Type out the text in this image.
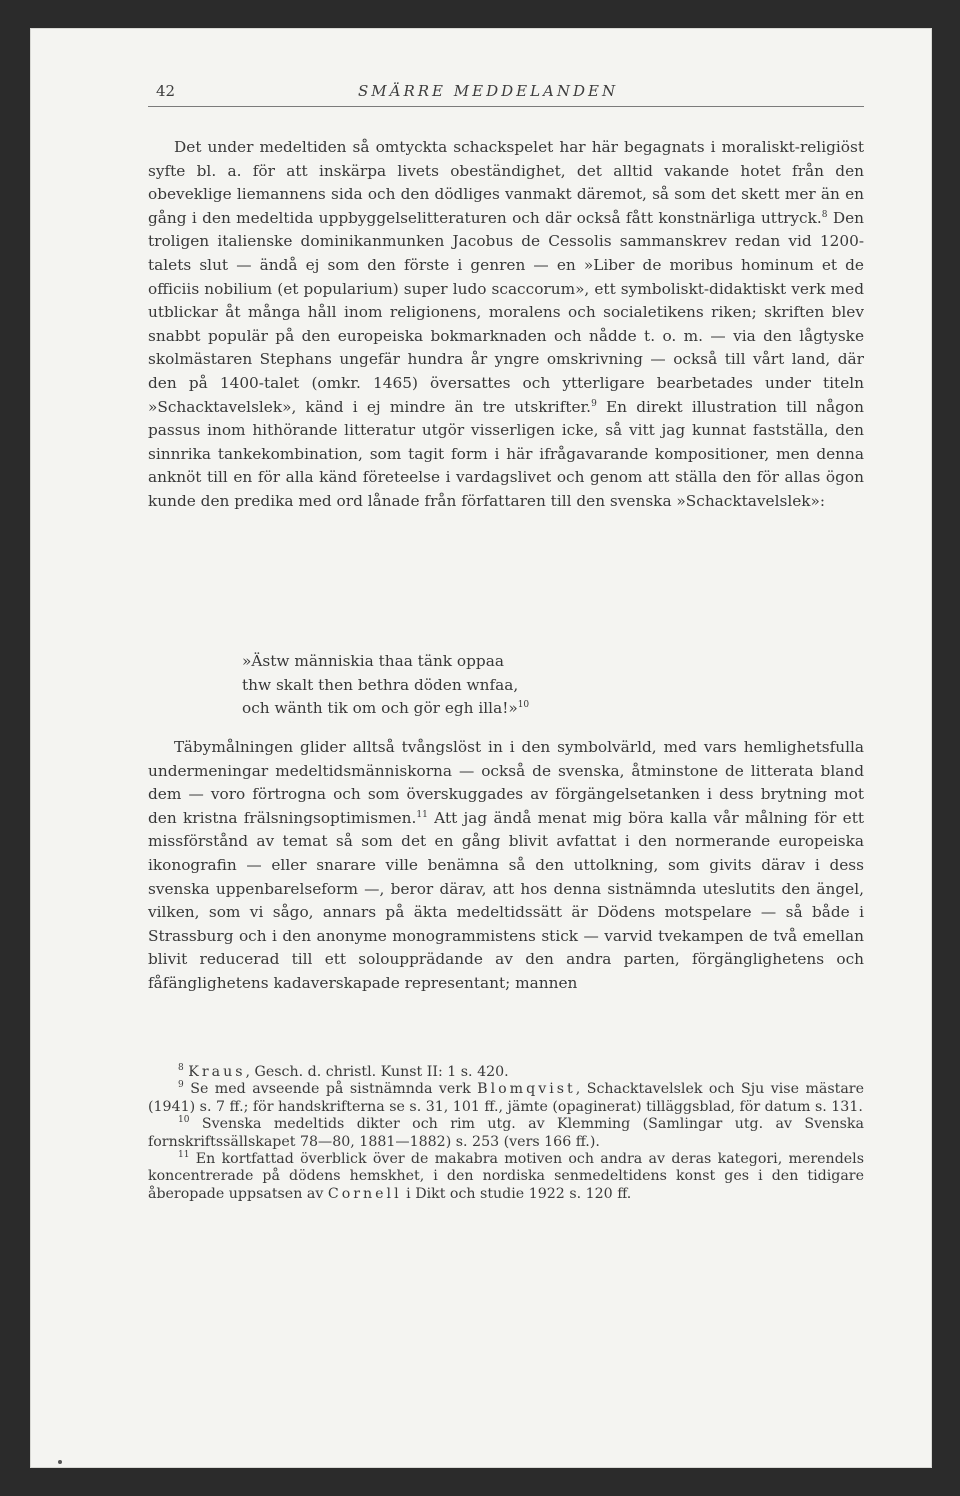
42	SMÄRRE MEDDELANDEN

Det under medeltiden så omtyckta schackspelet har här begagnats i moraliskt-religiöst syfte bl. a. för att inskärpa livets obeständighet, det alltid vakande hotet från den obeveklige liemannens sida och den dödliges vanmakt däremot, så som det skett mer än en gång i den medeltida uppbyggelselitteraturen och där också fått konstnärliga uttryck.$^8$ Den troligen italienske dominikanmunken Jacobus de Cessolis sammanskrev redan vid 1200-talets slut — ändå ej som den förste i genren — en »Liber de moribus hominum et de officiis nobilium (et popularium) super ludo scaccorum», ett symboliskt-didaktiskt verk med utblickar åt många håll inom religionens, moralens och socialetikens riken; skriften blev snabbt populär på den europeiska bokmarknaden och nådde t. o. m. — via den lågtyske skolmästaren Stephans ungefär hundra år yngre omskrivning — också till vårt land, där den på 1400-talet (omkr. 1465) översattes och ytterligare bearbetades under titeln »Schacktavelslek», känd i ej mindre än tre utskrifter.$^9$ En direkt illustration till någon passus inom hithörande litteratur utgör visserligen icke, så vitt jag kunnat fastställa, den sinnrika tankekombination, som tagit form i här ifrågavarande kompositioner, men denna anknöt till en för alla känd företeelse i vardagslivet och genom att ställa den för allas ögon kunde den predika med ord lånade från författaren till den svenska »Schacktavelslek»:

»Ästw människia thaa tänk oppaa
thw skalt then bethra döden wnfaa,
och wänth tik om och gör egh illa!»$^{10}$

Täbymålningen glider alltså tvångslöst in i den symbolvärld, med vars hemlighetsfulla undermeningar medeltidsmänniskorna — också de svenska, åtminstone de litterata bland dem — voro förtrogna och som överskuggades av förgängelsetanken i dess brytning mot den kristna frälsningsoptimismen.$^{11}$ Att jag ändå menat mig böra kalla vår målning för ett missförstånd av temat så som det en gång blivit avfattat i den normerande europeiska ikonografin — eller snarare ville benämna så den uttolkning, som givits därav i dess svenska uppenbarelseform —, beror därav, att hos denna sistnämnda uteslutits den ängel, vilken, som vi sågo, annars på äkta medeltidssätt är Dödens motspelare — så både i Strassburg och i den anonyme monogrammistens stick — varvid tvekampen de två emellan blivit reducerad till ett soloupprädande av den andra parten, förgänglighetens och fåfänglighetens kadaverskapade representant; mannen

$^8$ Kraus, Gesch. d. christl. Kunst II: 1 s. 420.

$^9$ Se med avseende på sistnämnda verk Blomqvist, Schacktavelslek och Sju vise mästare (1941) s. 7 ff.; för handskrifterna se s. 31, 101 ff., jämte (opaginerat) tilläggsblad, för datum s. 131.

$^{10}$ Svenska medeltids dikter och rim utg. av Klemming (Samlingar utg. av Svenska fornskriftssällskapet 78—80, 1881—1882) s. 253 (vers 166 ff.).

$^{11}$ En kortfattad överblick över de makabra motiven och andra av deras kategori, merendels koncentrerade på dödens hemskhet, i den nordiska senmedeltidens konst ges i den tidigare åberopade uppsatsen av Cornell i Dikt och studie 1922 s. 120 ff.
